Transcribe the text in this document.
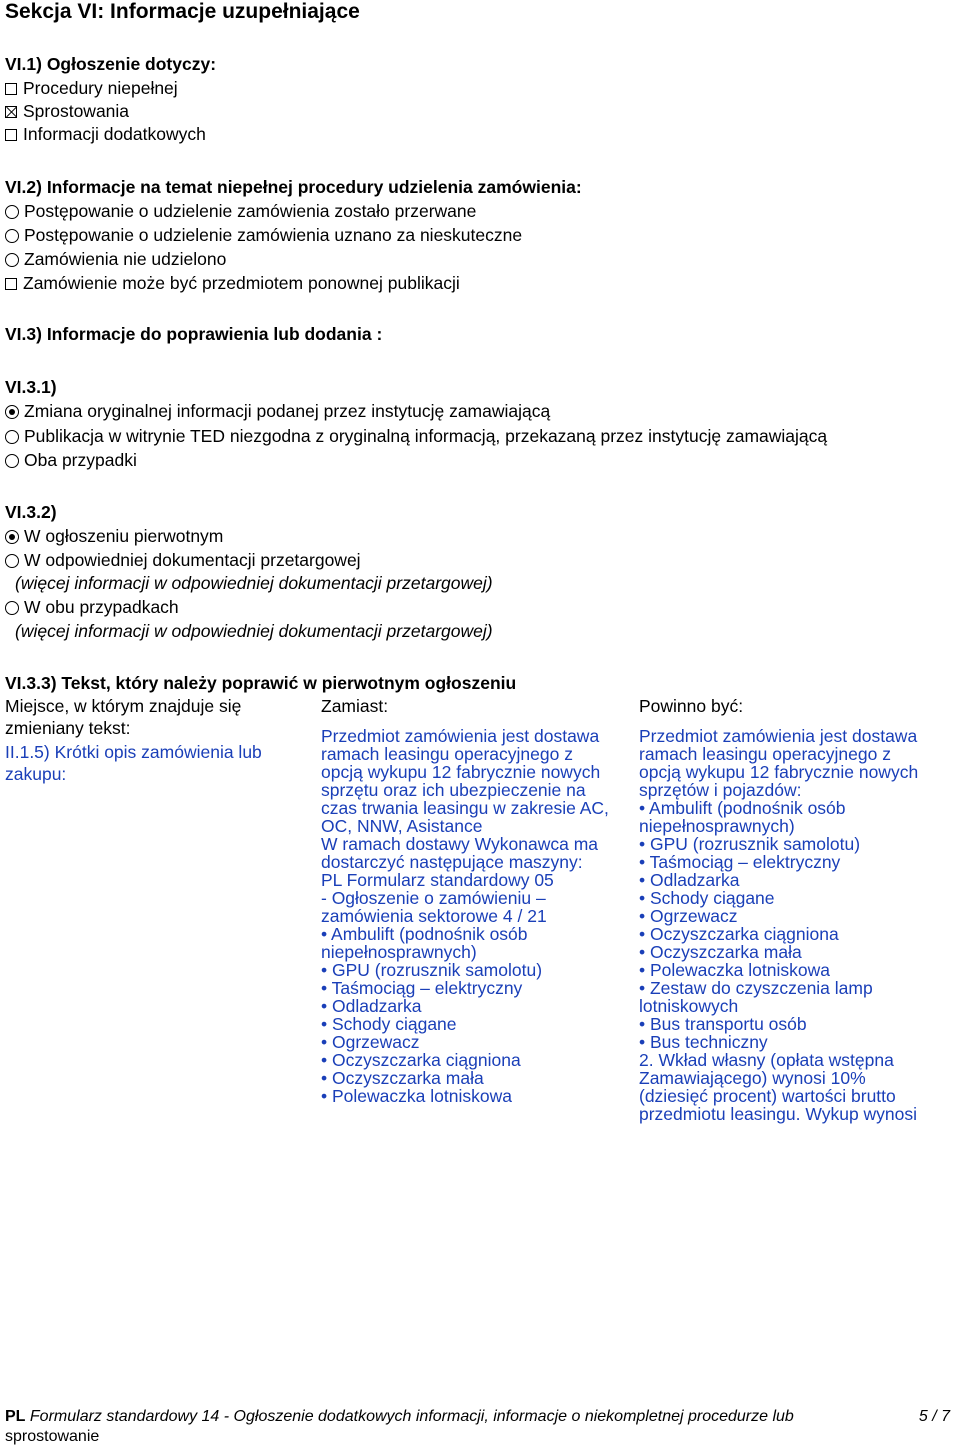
Sekcja VI: Informacje uzupełniające
VI.1) Ogłoszenie dotyczy:
Procedury niepełnej
Sprostowania
Informacji dodatkowych
VI.2) Informacje na temat niepełnej procedury udzielenia zamówienia:
Postępowanie o udzielenie zamówienia zostało przerwane
Postępowanie o udzielenie zamówienia uznano za nieskuteczne
Zamówienia nie udzielono
Zamówienie może być przedmiotem ponownej publikacji
VI.3) Informacje do poprawienia lub dodania :
VI.3.1)
Zmiana oryginalnej informacji podanej przez instytucję zamawiającą
Publikacja w witrynie TED niezgodna z oryginalną informacją, przekazaną przez instytucję zamawiającą
Oba przypadki
VI.3.2)
W ogłoszeniu pierwotnym
W odpowiedniej dokumentacji przetargowej
(więcej informacji w odpowiedniej dokumentacji przetargowej)
W obu przypadkach
(więcej informacji w odpowiedniej dokumentacji przetargowej)
VI.3.3) Tekst, który należy poprawić w pierwotnym ogłoszeniu
Miejsce, w którym znajduje się zmieniany tekst:
II.1.5) Krótki opis zamówienia lub zakupu:
Zamiast:
Przedmiot zamówienia jest dostawa
ramach leasingu operacyjnego z
opcją wykupu 12 fabrycznie nowych
sprzętu oraz ich ubezpieczenie na
czas trwania leasingu w zakresie AC,
OC, NNW, Asistance
W ramach dostawy Wykonawca ma
dostarczyć następujące maszyny:
PL Formularz standardowy 05
- Ogłoszenie o zamówieniu –
zamówienia sektorowe 4 / 21
• Ambulift (podnośnik osób
niepełnosprawnych)
• GPU (rozrusznik samolotu)
• Taśmociąg – elektryczny
• Odladzarka
• Schody ciągane
• Ogrzewacz
• Oczyszczarka ciągniona
• Oczyszczarka mała
• Polewaczka lotniskowa
Powinno być:
Przedmiot zamówienia jest dostawa
ramach leasingu operacyjnego z
opcją wykupu 12 fabrycznie nowych
sprzętów i pojazdów:
• Ambulift (podnośnik osób
niepełnosprawnych)
• GPU (rozrusznik samolotu)
• Taśmociąg – elektryczny
• Odladzarka
• Schody ciągane
• Ogrzewacz
• Oczyszczarka ciągniona
• Oczyszczarka mała
• Polewaczka lotniskowa
• Zestaw do czyszczenia lamp
lotniskowych
• Bus transportu osób
• Bus techniczny
2. Wkład własny (opłata wstępna
Zamawiającego) wynosi 10%
(dziesięć procent) wartości brutto
przedmiotu leasingu. Wykup wynosi
PL Formularz standardowy 14 - Ogłoszenie dodatkowych informacji, informacje o niekompletnej procedurze lub
sprostowanie
5 / 7
